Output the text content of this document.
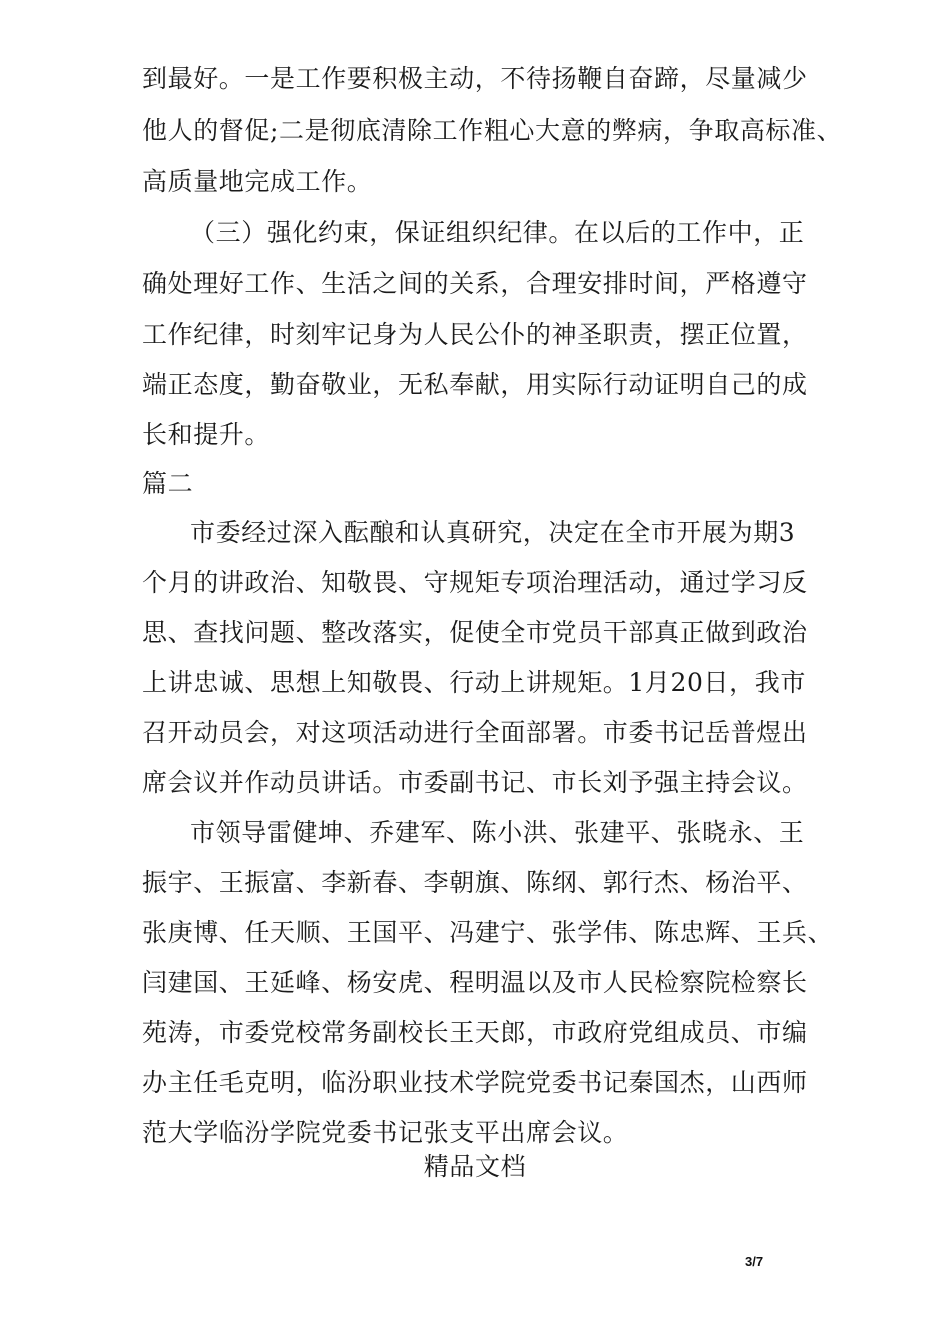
到最好。一是工作要积极主动，不待扬鞭自奋蹄，尽量减少
他人的督促;二是彻底清除工作粗心大意的弊病，争取高标准、
高质量地完成工作。
（三）强化约束，保证组织纪律。在以后的工作中，正
确处理好工作、生活之间的关系，合理安排时间，严格遵守
工作纪律，时刻牢记身为人民公仆的神圣职责，摆正位置，
端正态度，勤奋敬业，无私奉献，用实际行动证明自己的成
长和提升。
篇二
市委经过深入酝酿和认真研究，决定在全市开展为期3
个月的讲政治、知敬畏、守规矩专项治理活动，通过学习反
思、查找问题、整改落实，促使全市党员干部真正做到政治
上讲忠诚、思想上知敬畏、行动上讲规矩。1月20日，我市
召开动员会，对这项活动进行全面部署。市委书记岳普煜出
席会议并作动员讲话。市委副书记、市长刘予强主持会议。
市领导雷健坤、乔建军、陈小洪、张建平、张晓永、王
振宇、王振富、李新春、李朝旗、陈纲、郭行杰、杨治平、
张庚博、任天顺、王国平、冯建宁、张学伟、陈忠辉、王兵、
闫建国、王延峰、杨安虎、程明温以及市人民检察院检察长
苑涛，市委党校常务副校长王天郎，市政府党组成员、市编
办主任毛克明，临汾职业技术学院党委书记秦国杰，山西师
范大学临汾学院党委书记张支平出席会议。
精品文档
3/7
